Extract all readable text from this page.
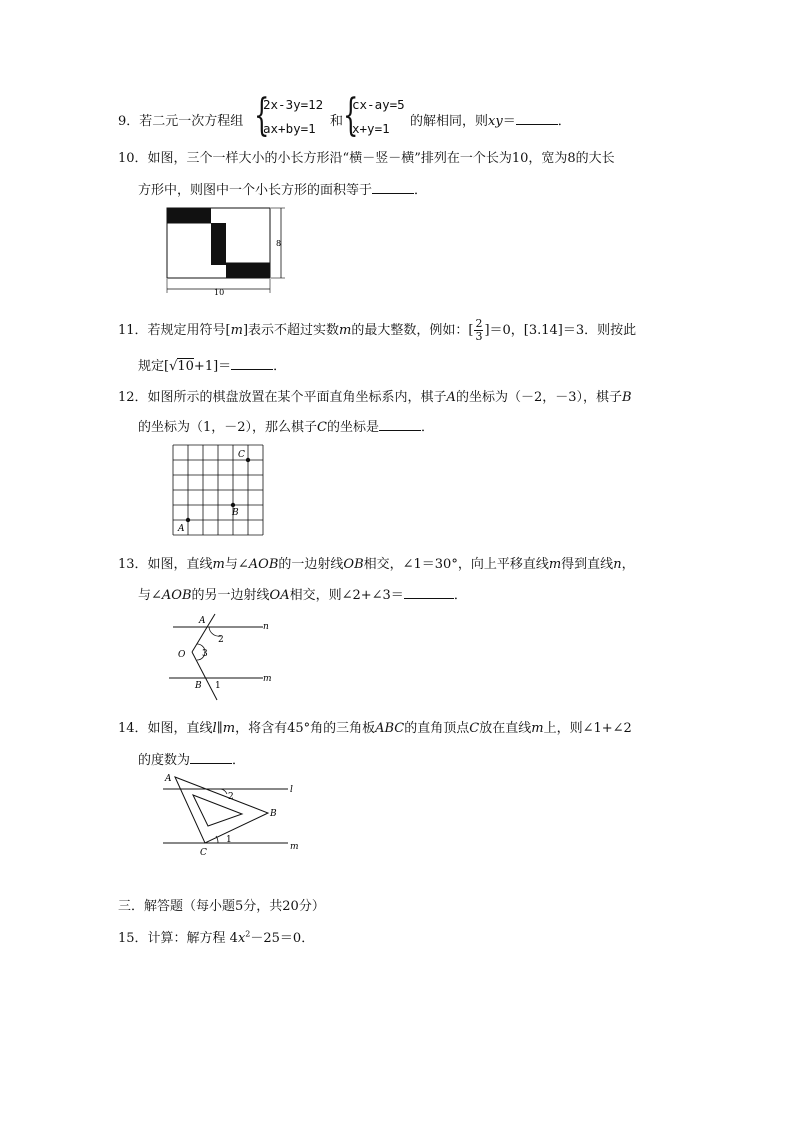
9．若二元一次方程组 {
2x-3y=12
ax+by=1 和 {
cx-ay=5
x+y=1 的解相同，则xy＝	．
10．如图，三个一样大小的小长方形沿“横－竖－横”排列在一个长为10，宽为8的大长
方形中，则图中一个小长方形的面积等于	．
8
10
11．若规定用符号[m]表示不超过实数m的最大整数，例如：[ $\frac{2}{3} ]=0$，[3.14]＝3．则按此
规定[√10+1]＝	．
12．如图所示的棋盘放置在某个平面直角坐标系内，棋子A的坐标为（－2，－3），棋子B
的坐标为（1，－2），那么棋子C的坐标是	．
A
B
C
13．如图，直线m与∠AOB的一边射线OB相交，∠1＝30°，向上平移直线m得到直线n，
与∠AOB的另一边射线OA相交，则∠2+∠3＝	．
A
2
n
O 3
B 1
m
14．如图，直线l∥m，将含有45°角的三角板ABC的直角顶点C放在直线m上，则∠1+∠2
的度数为	．
A
2
l
B
C
1
m
三．解答题（每小题5分，共20分）
15．计算：解方程 $4x^2-25=0$．
